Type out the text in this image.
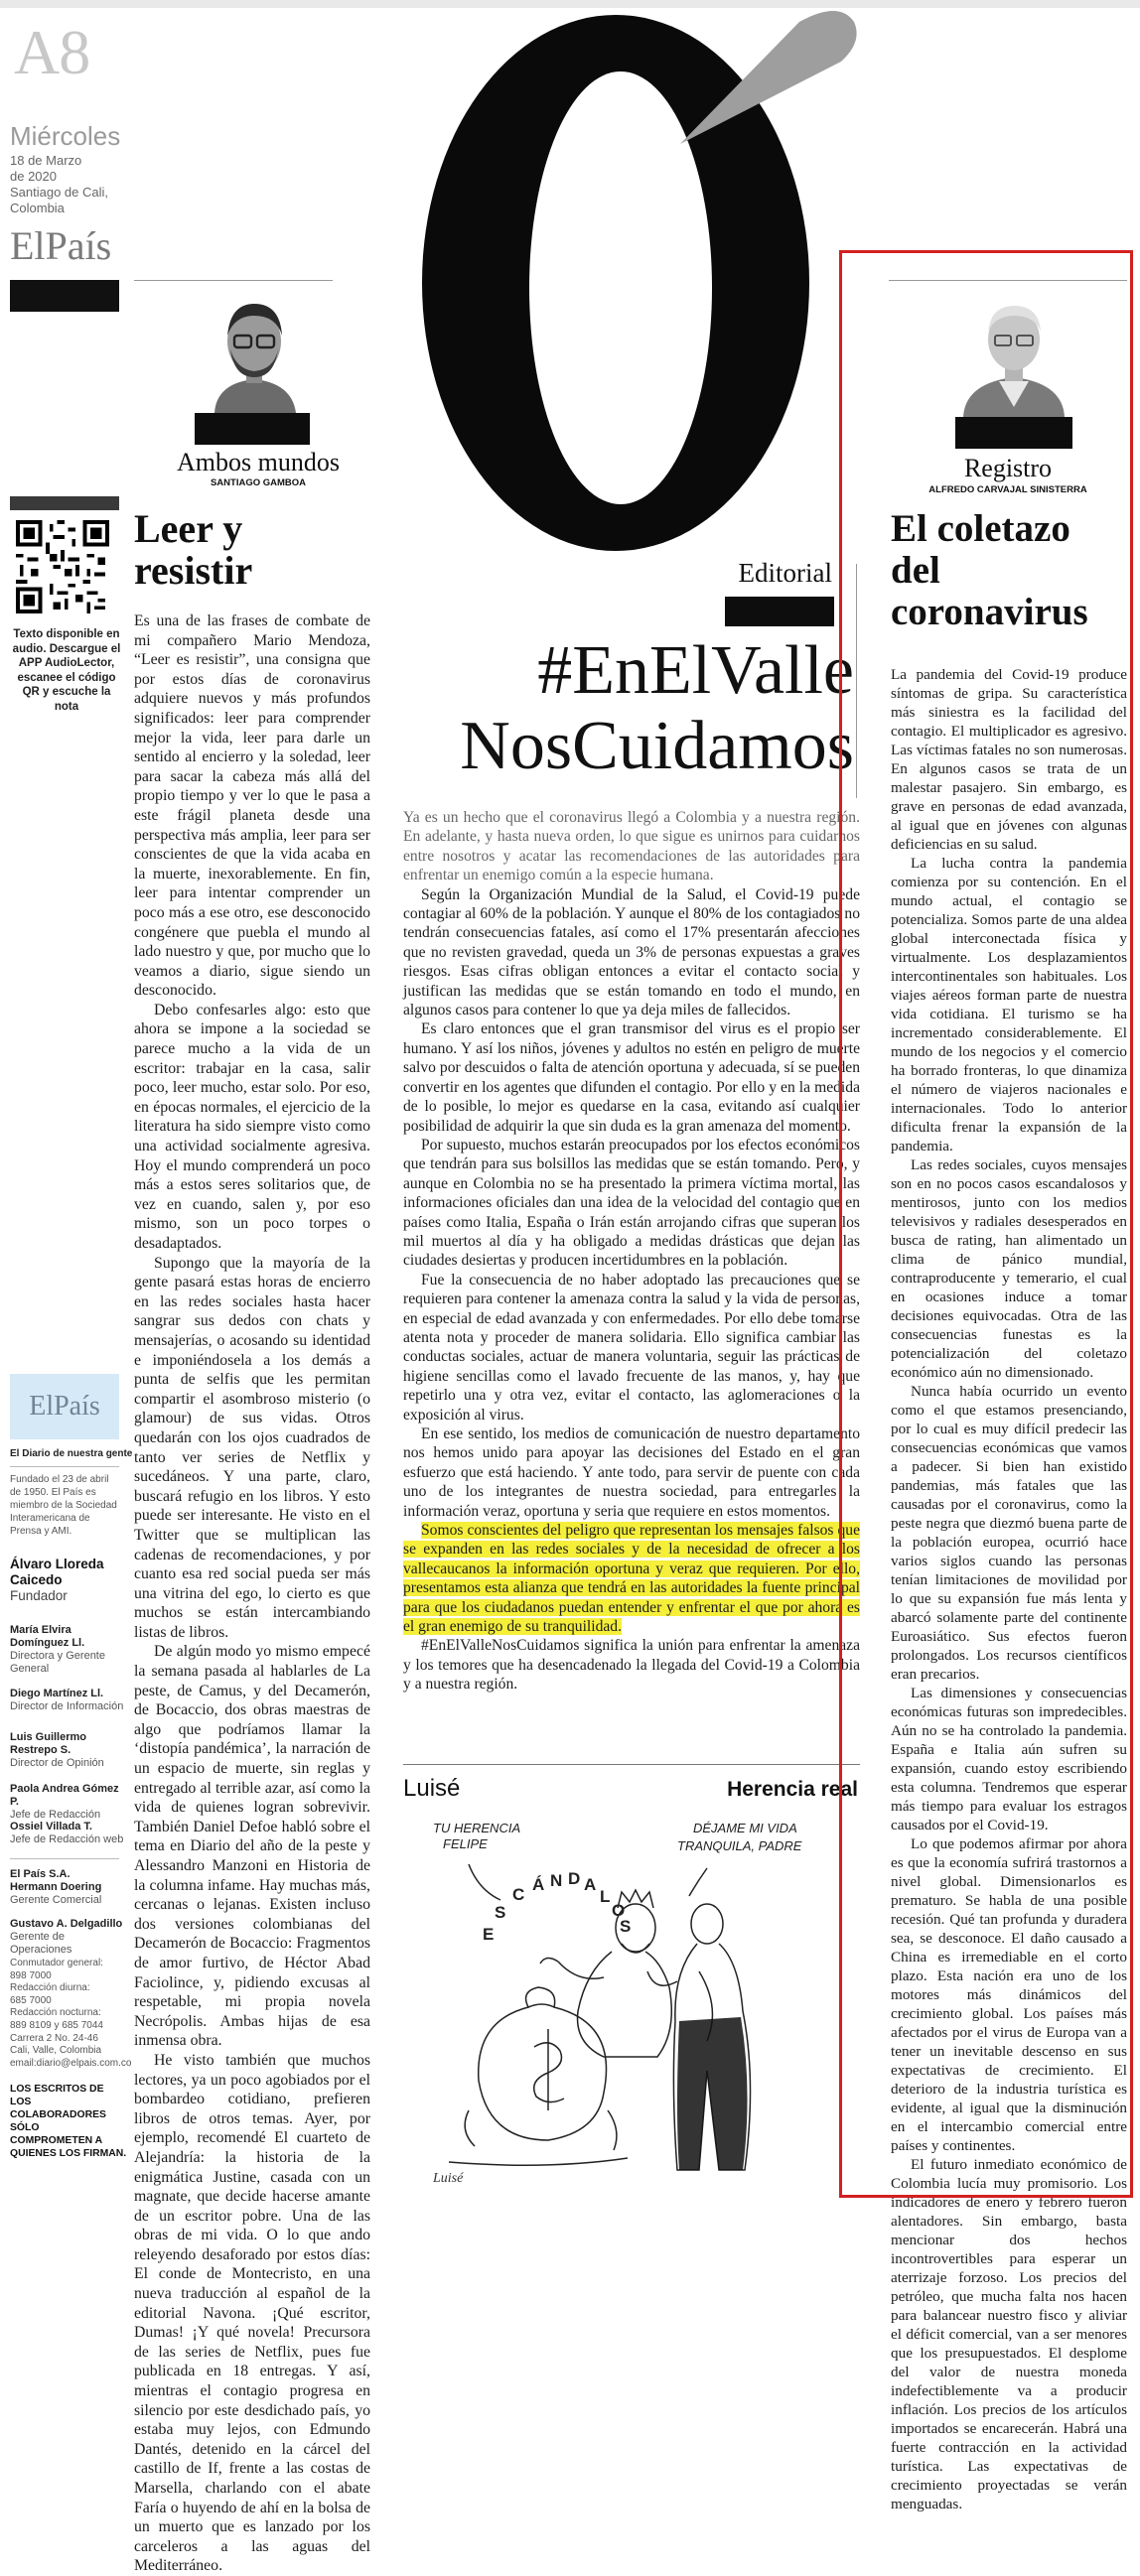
A8
Miércoles
18 de Marzo
de 2020
Santiago de Cali,
Colombia
ElPaís
Ambos mundos
SANTIAGO GAMBOA
Texto disponible en
audio. Descargue el
APP AudioLector,
escanee el código
QR y escuche la
nota
Leer y
resistir

Es una de las frases de combate de mi compañero Mario Mendoza, “Leer es resistir”, una consigna que por estos días de coronavirus adquiere nuevos y más profundos significados: leer para comprender mejor la vida, leer para darle un sentido al encierro y la soledad, leer para sacar la cabeza más allá del propio tiempo y ver lo que le pasa a este frágil planeta desde una perspectiva más amplia, leer para ser conscientes de que la vida acaba en la muerte, inexorablemente. En fin, leer para intentar comprender un poco más a ese otro, ese desconocido congénere que puebla el mundo al lado nuestro y que, por mucho que lo veamos a diario, sigue siendo un desconocido.

Debo confesarles algo: esto que ahora se impone a la sociedad se parece mucho a la vida de un escritor: trabajar en la casa, salir poco, leer mucho, estar solo. Por eso, en épocas normales, el ejercicio de la literatura ha sido siempre visto como una actividad socialmente agresiva. Hoy el mundo comprenderá un poco más a estos seres solitarios que, de vez en cuando, salen y, por eso mismo, son un poco torpes o desadaptados.

Supongo que la mayoría de la gente pasará estas horas de encierro en las redes sociales hasta hacer sangrar sus dedos con chats y mensajerías, o acosando su identidad e imponiéndosela a los demás a punta de selfis que les permitan compartir el asombroso misterio (o glamour) de sus vidas. Otros quedarán con los ojos cuadrados de tanto ver series de Netflix y sucedáneos. Y una parte, claro, buscará refugio en los libros. Y esto puede ser interesante. He visto en el Twitter que se multiplican las cadenas de recomendaciones, y por cuanto esa red social pueda ser más una vitrina del ego, lo cierto es que muchos se están intercambiando listas de libros.

De algún modo yo mismo empecé la semana pasada al hablarles de La peste, de Camus, y del Decamerón, de Bocaccio, dos obras maestras de algo que podríamos llamar la ‘distopía pandémica’, la narración de un espacio de muerte, sin reglas y entregado al terrible azar, así como la vida de quienes logran sobrevivir. También Daniel Defoe habló sobre el tema en Diario del año de la peste y Alessandro Manzoni en Historia de la columna infame. Hay muchas más, cercanas o lejanas. Existen incluso dos versiones colombianas del Decamerón de Bocaccio: Fragmentos de amor furtivo, de Héctor Abad Faciolince, y, pidiendo excusas al respetable, mi propia novela Necrópolis. Ambas hijas de esa inmensa obra.

He visto también que muchos lectores, ya un poco agobiados por el bombardeo cotidiano, prefieren libros de otros temas. Ayer, por ejemplo, recomendé El cuarteto de Alejandría: la historia de la enigmática Justine, casada con un magnate, que decide hacerse amante de un escritor pobre. Una de las obras de mi vida. O lo que ando releyendo desaforado por estos días: El conde de Montecristo, en una nueva traducción al español de la editorial Navona. ¡Qué escritor, Dumas! ¡Y qué novela! Precursora de las series de Netflix, pues fue publicada en 18 entregas. Y así, mientras el contagio progresa en silencio por este desdichado país, yo estaba muy lejos, con Edmundo Dantés, detenido en la cárcel del castillo de If, frente a las costas de Marsella, charlando con el abate Faría o huyendo de ahí en la bolsa de un muerto que es lanzado por los carceleros a las aguas del Mediterráneo.

ElPaís
El Diario de nuestra gente
Fundado el 23 de abril
de 1950. El País es
miembro de la Sociedad
Interamericana de
Prensa y AMI.
Álvaro Lloreda
Caicedo
Fundador
María Elvira
Domínguez Ll.
Directora y Gerente
General
Diego Martínez Ll.
Director de Información
Luis Guillermo
Restrepo S.
Director de Opinión
Paola Andrea Gómez P.
Jefe de Redacción
Ossiel Villada T.
Jefe de Redacción web
El País S.A.
Hermann Doering
Gerente Comercial
Gustavo A. Delgadillo
Gerente de Operaciones
Conmutador general:
898 7000
Redacción diurna:
685 7000
Redacción nocturna:
889 8109 y 685 7044
Carrera 2 No. 24-46
Cali, Valle, Colombia
email:diario@elpais.com.co
LOS ESCRITOS DE LOS
COLABORADORES SÓLO
COMPROMETEN A
QUIENES LOS FIRMAN.
Editorial
#EnElValle
NosCuidamos

Ya es un hecho que el coronavirus llegó a Colombia y a nuestra región. En adelante, y hasta nueva orden, lo que sigue es unirnos para cuidarnos entre nosotros y acatar las recomendaciones de las autoridades para enfrentar un enemigo común a la especie humana.

Según la Organización Mundial de la Salud, el Covid-19 puede contagiar al 60% de la población. Y aunque el 80% de los contagiados no tendrán consecuencias fatales, así como el 17% presentarán afecciones que no revisten gravedad, queda un 3% de personas expuestas a graves riesgos. Esas cifras obligan entonces a evitar el contacto social y justifican las medidas que se están tomando en todo el mundo, en algunos casos para contener lo que ya deja miles de fallecidos.

Es claro entonces que el gran transmisor del virus es el propio ser humano. Y así los niños, jóvenes y adultos no estén en peligro de muerte salvo por descuidos o falta de atención oportuna y adecuada, sí se pueden convertir en los agentes que difunden el contagio. Por ello y en la medida de lo posible, lo mejor es quedarse en la casa, evitando así cualquier posibilidad de adquirir la que sin duda es la gran amenaza del momento.

Por supuesto, muchos estarán preocupados por los efectos económicos que tendrán para sus bolsillos las medidas que se están tomando. Pero, y aunque en Colombia no se ha presentado la primera víctima mortal, las informaciones oficiales dan una idea de la velocidad del contagio que en países como Italia, España o Irán están arrojando cifras que superan los mil muertos al día y ha obligado a medidas drásticas que dejan las ciudades desiertas y producen incertidumbres en la población.

Fue la consecuencia de no haber adoptado las precauciones que se requieren para contener la amenaza contra la salud y la vida de personas, en especial de edad avanzada y con enfermedades. Por ello debe tomarse atenta nota y proceder de manera solidaria. Ello significa cambiar las conductas sociales, actuar de manera voluntaria, seguir las prácticas de higiene sencillas como el lavado frecuente de las manos, y, hay que repetirlo una y otra vez, evitar el contacto, las aglomeraciones o la exposición al virus.

En ese sentido, los medios de comunicación de nuestro departamento nos hemos unido para apoyar las decisiones del Estado en el gran esfuerzo que está haciendo. Y ante todo, para servir de puente con cada uno de los integrantes de nuestra sociedad, para entregarles la información veraz, oportuna y seria que requiere en estos momentos.

Somos conscientes del peligro que representan los mensajes falsos que se expanden en las redes sociales y de la necesidad de ofrecer a los vallecaucanos la información oportuna y veraz que requieren. Por ello, presentamos esta alianza que tendrá en las autoridades la fuente principal para que los ciudadanos puedan entender y enfrentar el que por ahora es el gran enemigo de su tranquilidad.

#EnElValleNosCuidamos significa la unión para enfrentar la amenaza y los temores que ha desencadenado la llegada del Covid-19 a Colombia y a nuestra región.

Luisé	Herencia real
TU HERENCIA
FELIPE
DÉJAME MI VIDA
TRANQUILA, PADRE
E
S
C
Á N D A
L
O
S
Luisé
Registro
ALFREDO CARVAJAL SINISTERRA
El coletazo
del
coronavirus

La pandemia del Covid-19 produce síntomas de gripa. Su característica más siniestra es la facilidad del contagio. El multiplicador es agresivo. Las víctimas fatales no son numerosas. En algunos casos se trata de un malestar pasajero. Sin embargo, es grave en personas de edad avanzada, al igual que en jóvenes con algunas deficiencias en su salud.

La lucha contra la pandemia comienza por su contención. En el mundo actual, el contagio se potencializa. Somos parte de una aldea global interconectada física y virtualmente. Los desplazamientos intercontinentales son habituales. Los viajes aéreos forman parte de nuestra vida cotidiana. El turismo se ha incrementado considerablemente. El mundo de los negocios y el comercio ha borrado fronteras, lo que dinamiza el número de viajeros nacionales e internacionales. Todo lo anterior dificulta frenar la expansión de la pandemia.

Las redes sociales, cuyos mensajes son en no pocos casos escandalosos y mentirosos, junto con los medios televisivos y radiales desesperados en busca de rating, han alimentado un clima de pánico mundial, contraproducente y temerario, el cual en ocasiones induce a tomar decisiones equivocadas. Otra de las consecuencias funestas es la potencialización del coletazo económico aún no dimensionado.

Nunca había ocurrido un evento como el que estamos presenciando, por lo cual es muy difícil predecir las consecuencias económicas que vamos a padecer. Si bien han existido pandemias, más fatales que las causadas por el coronavirus, como la peste negra que diezmó buena parte de la población europea, ocurrió hace varios siglos cuando las personas tenían limitaciones de movilidad por lo que su expansión fue más lenta y abarcó solamente parte del continente Euroasiático. Sus efectos fueron prolongados. Los recursos científicos eran precarios.

Las dimensiones y consecuencias económicas futuras son impredecibles. Aún no se ha controlado la pandemia. España e Italia aún sufren su expansión, cuando estoy escribiendo esta columna. Tendremos que esperar más tiempo para evaluar los estragos causados por el Covid-19.

Lo que podemos afirmar por ahora es que la economía sufrirá trastornos a nivel global. Dimensionarlos es prematuro. Se habla de una posible recesión. Qué tan profunda y duradera sea, se desconoce. El daño causado a China es irremediable en el corto plazo. Esta nación era uno de los motores más dinámicos del crecimiento global. Los países más afectados por el virus de Europa van a tener un inevitable descenso en sus expectativas de crecimiento. El deterioro de la industria turística es evidente, al igual que la disminución en el intercambio comercial entre países y continentes.

El futuro inmediato económico de Colombia lucía muy promisorio. Los indicadores de enero y febrero fueron alentadores. Sin embargo, basta mencionar dos hechos incontrovertibles para esperar un aterrizaje forzoso. Los precios del petróleo, que mucha falta nos hacen para balancear nuestro fisco y aliviar el déficit comercial, van a ser menores que los presupuestados. El desplome del valor de nuestra moneda indefectiblemente va a producir inflación. Los precios de los artículos importados se encarecerán. Habrá una fuerte contracción en la actividad turística. Las expectativas de crecimiento proyectadas se verán menguadas.
